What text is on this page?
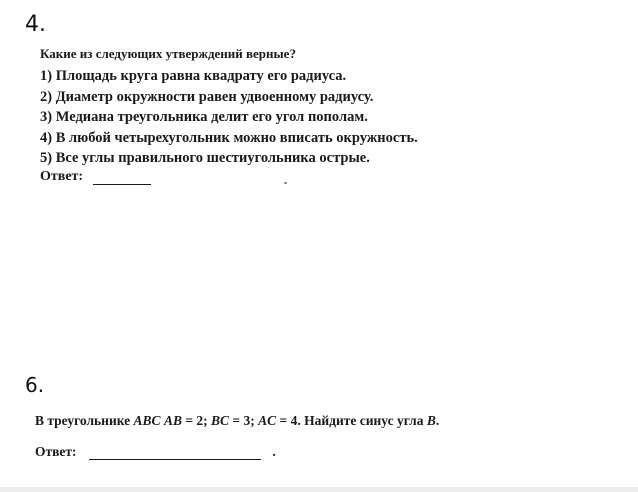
4.
Какие из следующих утверждений верные?
1) Площадь круга равна квадрату его радиуса.
2) Диаметр окружности равен удвоенному радиусу.
3) Медиана треугольника делит его угол пополам.
4) В любой четырехугольник можно вписать окружность.
5) Все углы правильного шестиугольника острые.
Ответ:
6.
В треугольнике ABC AB = 2; BC = 3; AC = 4. Найдите синус угла B.
Ответ:	.
